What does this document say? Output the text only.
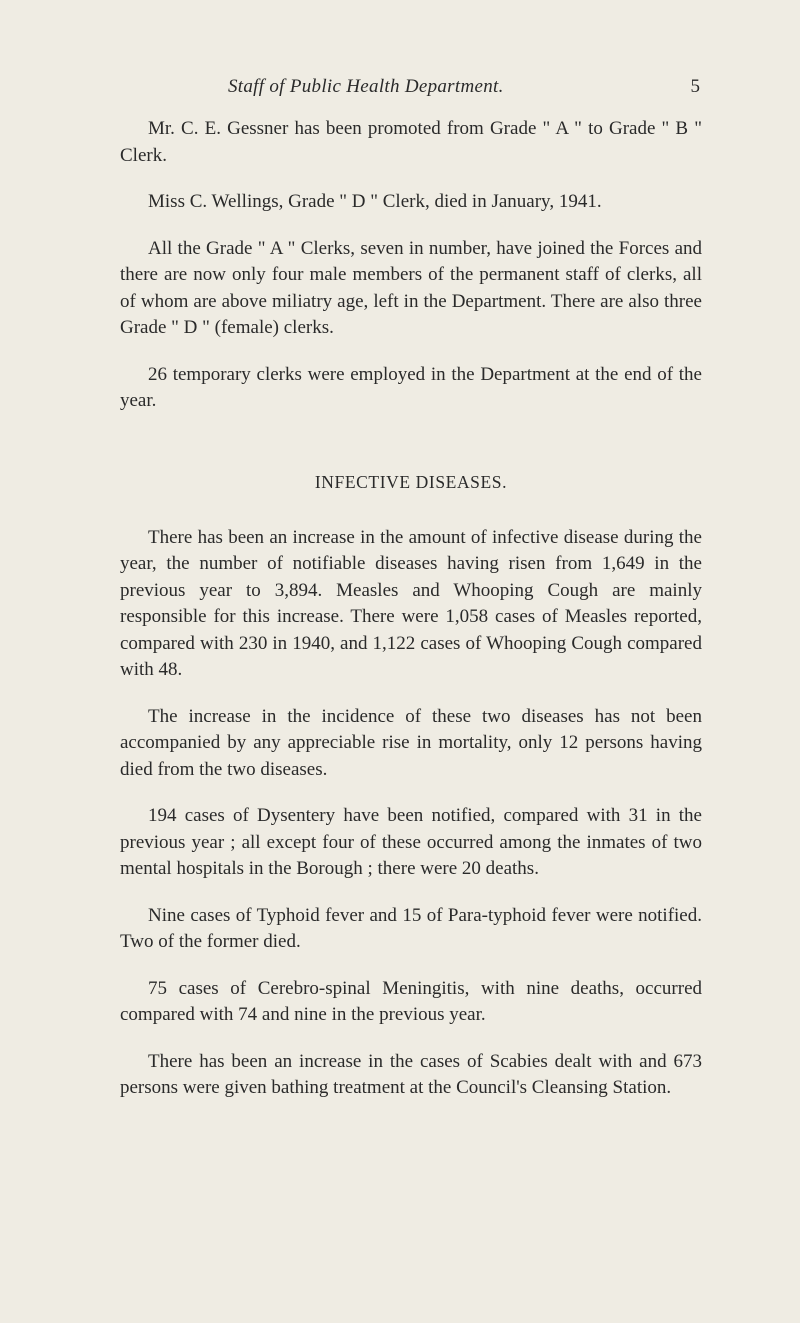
Staff of Public Health Department.	5

Mr. C. E. Gessner has been promoted from Grade " A " to Grade " B " Clerk.

Miss C. Wellings, Grade " D " Clerk, died in January, 1941.

All the Grade " A " Clerks, seven in number, have joined the Forces and there are now only four male members of the permanent staff of clerks, all of whom are above miliatry age, left in the Department. There are also three Grade " D " (female) clerks.

26 temporary clerks were employed in the Department at the end of the year.

INFECTIVE DISEASES.

There has been an increase in the amount of infective disease during the year, the number of notifiable diseases having risen from 1,649 in the previous year to 3,894. Measles and Whooping Cough are mainly responsible for this increase. There were 1,058 cases of Measles reported, compared with 230 in 1940, and 1,122 cases of Whooping Cough compared with 48.

The increase in the incidence of these two diseases has not been accompanied by any appreciable rise in mortality, only 12 persons having died from the two diseases.

194 cases of Dysentery have been notified, compared with 31 in the previous year ; all except four of these occurred among the inmates of two mental hospitals in the Borough ; there were 20 deaths.

Nine cases of Typhoid fever and 15 of Para-typhoid fever were notified. Two of the former died.

75 cases of Cerebro-spinal Meningitis, with nine deaths, occurred compared with 74 and nine in the previous year.

There has been an increase in the cases of Scabies dealt with and 673 persons were given bathing treatment at the Council's Cleansing Station.
